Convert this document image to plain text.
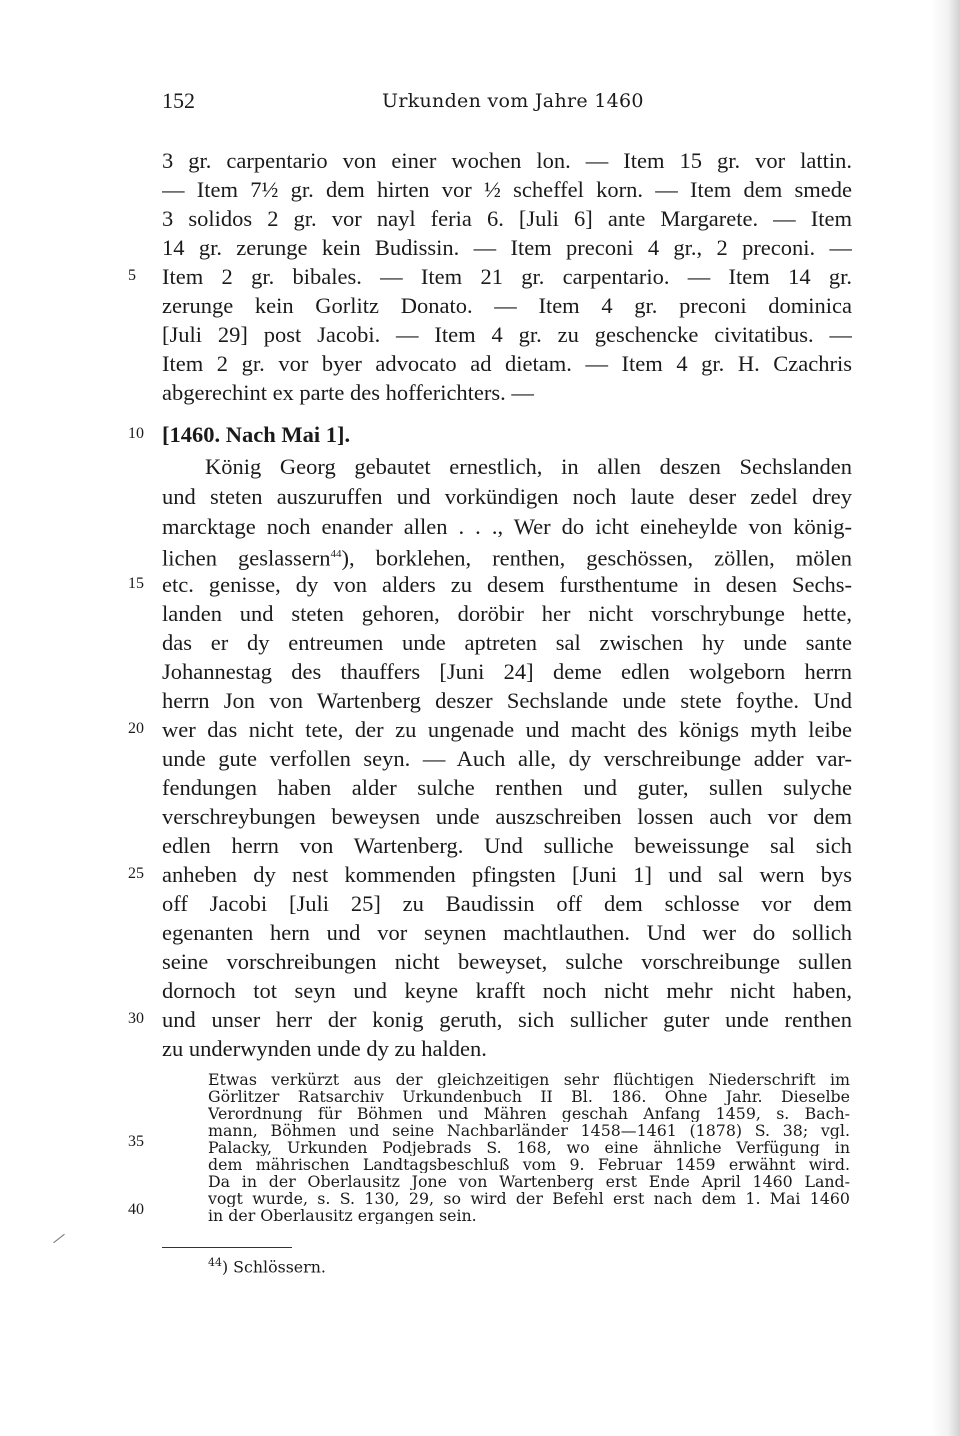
152	Urkunden vom Jahre 1460
3 gr. carpentario von einer wochen lon. — Item 15 gr. vor lattin.
— Item 7½ gr. dem hirten vor ½ scheffel korn. — Item dem smede
3 solidos 2 gr. vor nayl feria 6. [Juli 6] ante Margarete. — Item
14 gr. zerunge kein Budissin. — Item preconi 4 gr., 2 preconi. —
Item 2 gr. bibales. — Item 21 gr. carpentario. — Item 14 gr.
zerunge kein Gorlitz Donato. — Item 4 gr. preconi dominica
[Juli 29] post Jacobi. — Item 4 gr. zu geschencke civitatibus. —
Item 2 gr. vor byer advocato ad dietam. — Item 4 gr. H. Czachris
abgerechint ex parte des hofferichters. —
[1460. Nach Mai 1].
König Georg gebautet ernestlich, in allen deszen Sechslanden
und steten auszuruffen und vorkündigen noch laute deser zedel drey
marcktage noch enander allen . . ., Wer do icht eineheylde von könig-
lichen geslassern$^{44}$), borklehen, renthen, geschössen, zöllen, mölen
etc. genisse, dy von alders zu desem fursthentume in desen Sechs-
landen und steten gehoren, doröbir her nicht vorschrybunge hette,
das er dy entreumen unde aptreten sal zwischen hy unde sante
Johannestag des thauffers [Juni 24] deme edlen wolgeborn herrn
herrn Jon von Wartenberg deszer Sechslande unde stete foythe. Und
wer das nicht tete, der zu ungenade und macht des königs myth leibe
unde gute verfollen seyn. — Auch alle, dy verschreibunge adder var-
fendungen haben alder sulche renthen und guter, sullen sulyche
verschreybungen beweysen unde auszschreiben lossen auch vor dem
edlen herrn von Wartenberg. Und sulliche beweissunge sal sich
anheben dy nest kommenden pfingsten [Juni 1] und sal wern bys
off Jacobi [Juli 25] zu Baudissin off dem schlosse vor dem
egenanten hern und vor seynen machtlauthen. Und wer do sollich
seine vorschreibungen nicht beweyset, sulche vorschreibunge sullen
dornoch tot seyn und keyne krafft noch nicht mehr nicht haben,
und unser herr der konig geruth, sich sullicher guter unde renthen
zu underwynden unde dy zu halden.
Etwas verkürzt aus der gleichzeitigen sehr flüchtigen Niederschrift im
Görlitzer Ratsarchiv Urkundenbuch II Bl. 186. Ohne Jahr. Dieselbe
Verordnung für Böhmen und Mähren geschah Anfang 1459, s. Bach-
mann, Böhmen und seine Nachbarländer 1458—1461 (1878) S. 38; vgl.
Palacky, Urkunden Podjebrads S. 168, wo eine ähnliche Verfügung in
dem mährischen Landtagsbeschluß vom 9. Februar 1459 erwähnt wird.
Da in der Oberlausitz Jone von Wartenberg erst Ende April 1460 Land-
vogt wurde, s. S. 130, 29, so wird der Befehl erst nach dem 1. Mai 1460
in der Oberlausitz ergangen sein.
$^{44}$) Schlössern.
5
10
15
20
25
30
35
40
